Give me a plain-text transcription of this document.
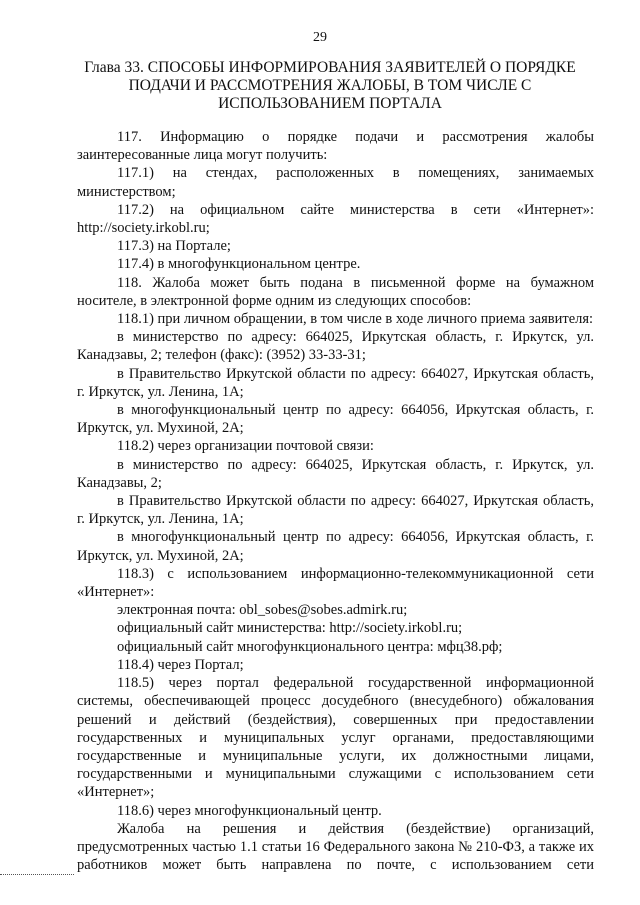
29
Глава 33. СПОСОБЫ ИНФОРМИРОВАНИЯ ЗАЯВИТЕЛЕЙ О ПОРЯДКЕ
ПОДАЧИ И РАССМОТРЕНИЯ ЖАЛОБЫ, В ТОМ ЧИСЛЕ С
ИСПОЛЬЗОВАНИЕМ ПОРТАЛА

117. Информацию о порядке подачи и рассмотрения жалобы заинтересованные лица могут получить:

117.1) на стендах, расположенных в помещениях, занимаемых министерством;

117.2) на официальном сайте министерства в сети «Интернет»: http://society.irkobl.ru;

117.3) на Портале;

117.4) в многофункциональном центре.

118. Жалоба может быть подана в письменной форме на бумажном носителе, в электронной форме одним из следующих способов:

118.1) при личном обращении, в том числе в ходе личного приема заявителя:

в министерство по адресу: 664025, Иркутская область, г. Иркутск, ул. Канадзавы, 2; телефон (факс): (3952) 33-33-31;

в Правительство Иркутской области по адресу: 664027, Иркутская область, г. Иркутск, ул. Ленина, 1А;

в многофункциональный центр по адресу: 664056, Иркутская область, г. Иркутск, ул. Мухиной, 2А;

118.2) через организации почтовой связи:

в министерство по адресу: 664025, Иркутская область, г. Иркутск, ул. Канадзавы, 2;

в Правительство Иркутской области по адресу: 664027, Иркутская область, г. Иркутск, ул. Ленина, 1А;

в многофункциональный центр по адресу: 664056, Иркутская область, г. Иркутск, ул. Мухиной, 2А;

118.3) с использованием информационно-телекоммуникационной сети «Интернет»:

электронная почта: obl_sobes@sobes.admirk.ru;

официальный сайт министерства: http://society.irkobl.ru;

официальный сайт многофункционального центра: мфц38.рф;

118.4) через Портал;

118.5) через портал федеральной государственной информационной системы, обеспечивающей процесс досудебного (внесудебного) обжалования решений и действий (бездействия), совершенных при предоставлении государственных и муниципальных услуг органами, предоставляющими государственные и муниципальные услуги, их должностными лицами, государственными и муниципальными служащими с использованием сети «Интернет»;

118.6) через многофункциональный центр.

Жалоба на решения и действия (бездействие) организаций, предусмотренных частью 1.1 статьи 16 Федерального закона № 210-ФЗ, а также их работников может быть направлена по почте, с использованием сети
